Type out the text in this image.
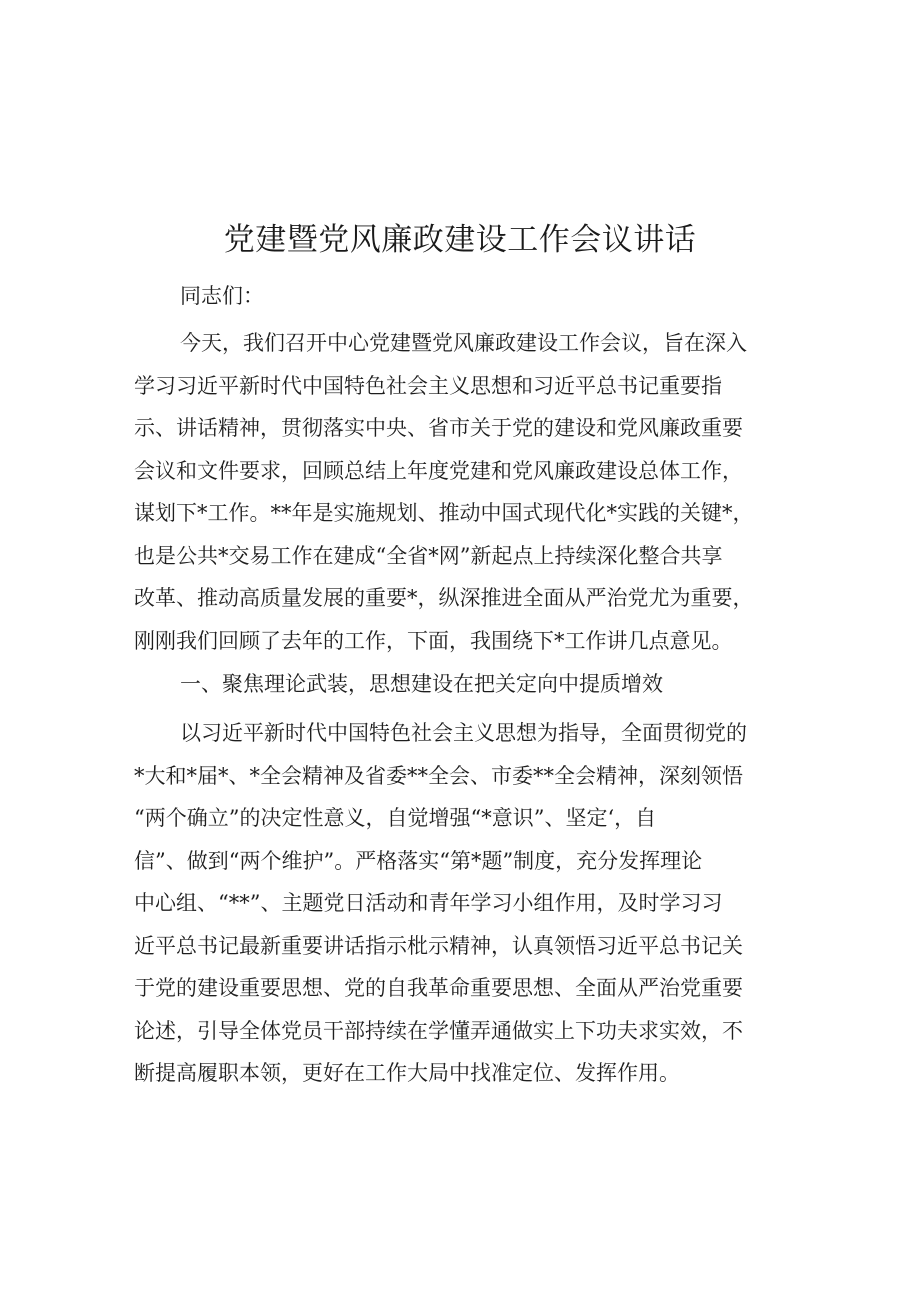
党建暨党风廉政建设工作会议讲话
同志们：
今天，我们召开中心党建暨党风廉政建设工作会议，旨在深入
学习习近平新时代中国特色社会主义思想和习近平总书记重要指
示、讲话精神，贯彻落实中央、省市关于党的建设和党风廉政重要
会议和文件要求，回顾总结上年度党建和党风廉政建设总体工作，
谋划下*工作。**年是实施规划、推动中国式现代化*实践的关键*，
也是公共*交易工作在建成“全省*网”新起点上持续深化整合共享
改革、推动高质量发展的重要*，纵深推进全面从严治党尤为重要，
刚刚我们回顾了去年的工作，下面，我围绕下*工作讲几点意见。
一、聚焦理论武装，思想建设在把关定向中提质增效
以习近平新时代中国特色社会主义思想为指导，全面贯彻党的
*大和*届*、*全会精神及省委**全会、市委**全会精神，深刻领悟
“两个确立”的决定性意义，自觉增强“*意识”、坚定‘，自
信”、做到“两个维护”。严格落实“第*题”制度，充分发挥理论
中心组、“**”、主题党日活动和青年学习小组作用，及时学习习
近平总书记最新重要讲话指示枇示精神，认真领悟习近平总书记关
于党的建设重要思想、党的自我革命重要思想、全面从严治党重要
论述，引导全体党员干部持续在学懂弄通做实上下功夫求实效，不
断提高履职本领，更好在工作大局中找准定位、发挥作用。
